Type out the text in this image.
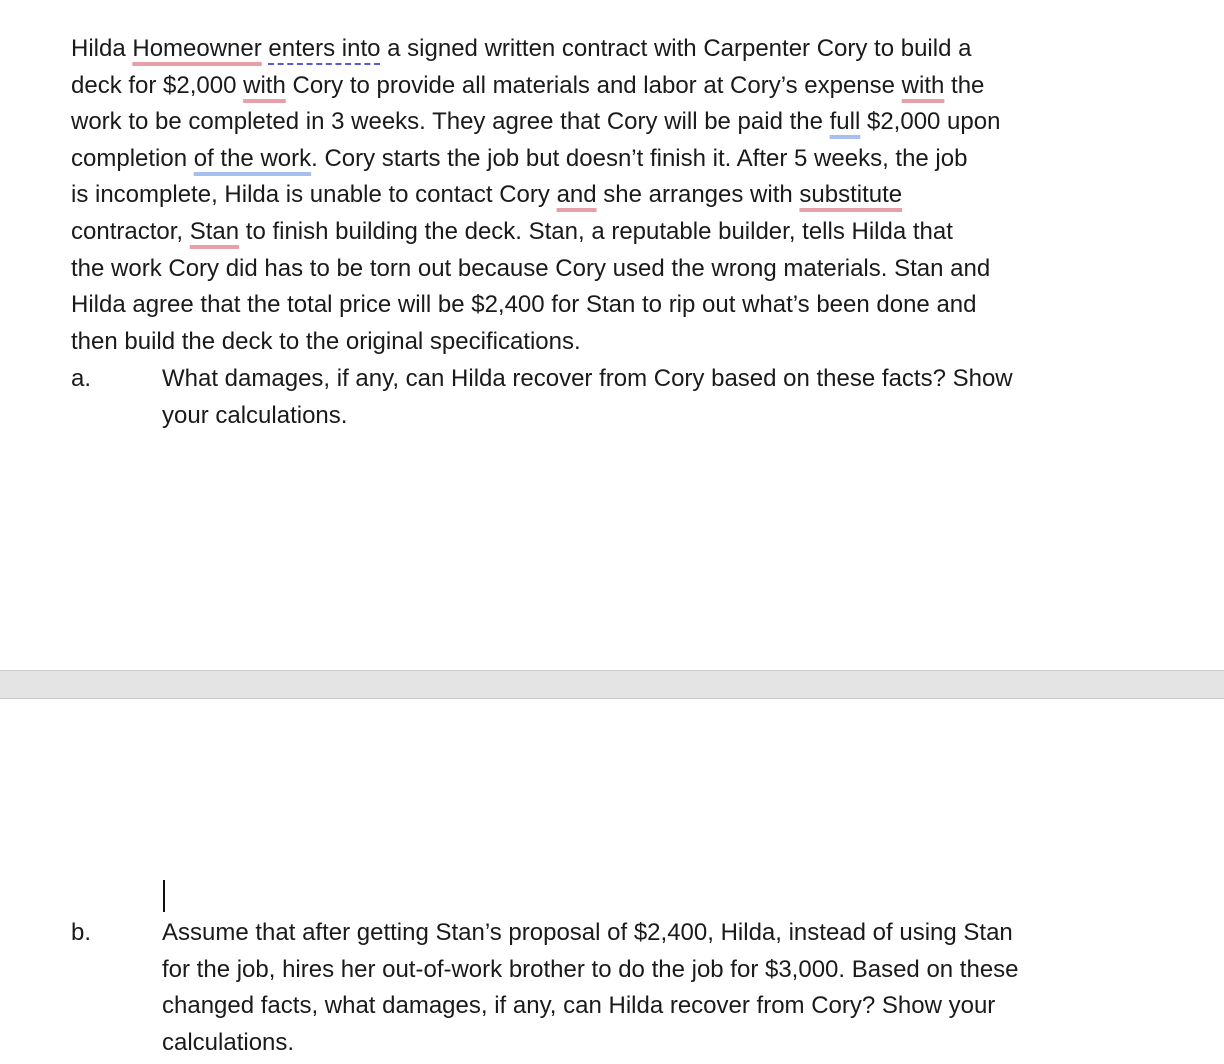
Hilda Homeowner enters into a signed written contract with Carpenter Cory to build a
deck for $2,000 with Cory to provide all materials and labor at Cory’s expense with the
work to be completed in 3 weeks. They agree that Cory will be paid the full $2,000 upon
completion of the work. Cory starts the job but doesn’t finish it. After 5 weeks, the job
is incomplete, Hilda is unable to contact Cory and she arranges with substitute
contractor, Stan to finish building the deck. Stan, a reputable builder, tells Hilda that
the work Cory did has to be torn out because Cory used the wrong materials. Stan and
Hilda agree that the total price will be $2,400 for Stan to rip out what’s been done and
then build the deck to the original specifications.
a.	What damages, if any, can Hilda recover from Cory based on these facts? Show
your calculations.
b.	Assume that after getting Stan’s proposal of $2,400, Hilda, instead of using Stan
for the job, hires her out-of-work brother to do the job for $3,000. Based on these
changed facts, what damages, if any, can Hilda recover from Cory? Show your
calculations.
